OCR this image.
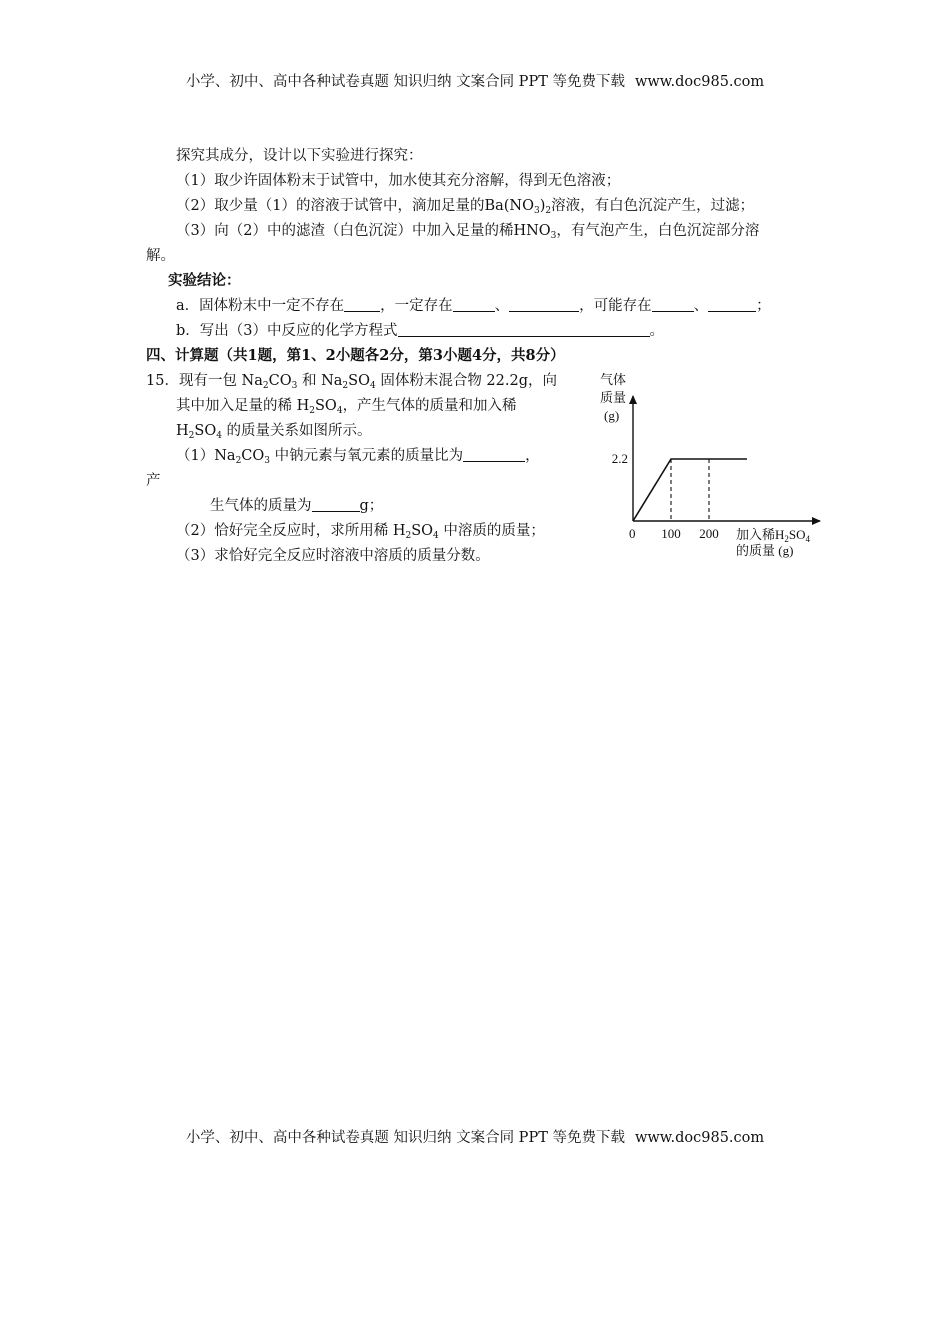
小学、初中、高中各种试卷真题 知识归纳 文案合同 PPT 等免费下载 www.doc985.com
小学、初中、高中各种试卷真题 知识归纳 文案合同 PPT 等免费下载 www.doc985.com
探究其成分，设计以下实验进行探究：
（1）取少许固体粉末于试管中，加水使其充分溶解，得到无色溶液；
（2）取少量（1）的溶液于试管中，滴加足量的$Ba(NO_3)_2$溶液，有白色沉淀产生，过滤；
（3）向（2）中的滤渣（白色沉淀）中加入足量的稀$HNO_3$，有气泡产生，白色沉淀部分溶
解。
实验结论：
a．固体粉末中一定不存在 ，一定存在	、	，可能存在	、	；
b．写出（3）中反应的化学方程式	。
四、计算题（共1题，第1、2小题各2分，第3小题4分，共8分）
15．现有一包 $Na_2CO_3$ 和 $Na_2SO_4$ 固体粉末混合物 22.2g，向
其中加入足量的稀 $H_2SO_4$，产生气体的质量和加入稀
$H_2SO_4$ 的质量关系如图所示。
$(1)Na_2CO_3$ 中钠元素与氧元素的质量比为	，
产
生气体的质量为	g；
（2）恰好完全反应时，求所用稀 $H_2SO_4$ 中溶质的质量；
（3）求恰好完全反应时溶液中溶质的质量分数。
气体
质量
(g)
加入稀$H_2SO_4$
的质量 (g)
0 100 200
2.2
